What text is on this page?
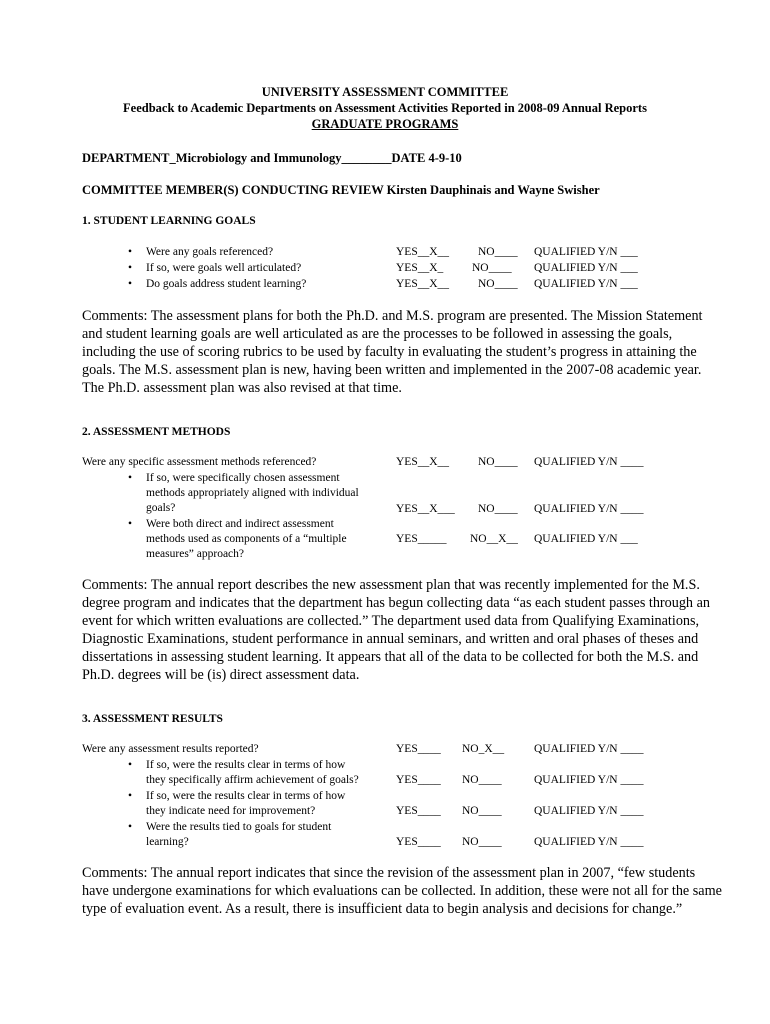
UNIVERSITY ASSESSMENT COMMITTEE
Feedback to Academic Departments on Assessment Activities Reported in 2008-09 Annual Reports
GRADUATE PROGRAMS
DEPARTMENT_Microbiology and Immunology________DATE 4-9-10
COMMITTEE MEMBER(S) CONDUCTING REVIEW Kirsten Dauphinais and Wayne Swisher
1. STUDENT LEARNING GOALS
• Were any goals referenced?	YES__X__	NO____ QUALIFIED Y/N ___
• If so, were goals well articulated?	YES__X_ NO____ QUALIFIED Y/N ___
• Do goals address student learning?	YES__X__	NO____ QUALIFIED Y/N ___
Comments: The assessment plans for both the Ph.D. and M.S. program are presented. The Mission Statement and student learning goals are well articulated as are the processes to be followed in assessing the goals, including the use of scoring rubrics to be used by faculty in evaluating the student’s progress in attaining the goals. The M.S. assessment plan is new, having been written and implemented in the 2007-08 academic year. The Ph.D. assessment plan was also revised at that time.
2. ASSESSMENT METHODS
Were any specific assessment methods referenced?	YES__X__	NO____ QUALIFIED Y/N ____
• If so, were specifically chosen assessment
methods appropriately aligned with individual
goals?	YES__X___ NO____ QUALIFIED Y/N ____
• Were both direct and indirect assessment
methods used as components of a “multiple
measures” approach?
YES_____ NO__X__ QUALIFIED Y/N ___
Comments: The annual report describes the new assessment plan that was recently implemented for the M.S. degree program and indicates that the department has begun collecting data “as each student passes through an event for which written evaluations are collected.” The department used data from Qualifying Examinations, Diagnostic Examinations, student performance in annual seminars, and written and oral phases of theses and dissertations in assessing student learning. It appears that all of the data to be collected for both the M.S. and Ph.D. degrees will be (is) direct assessment data.
3. ASSESSMENT RESULTS
Were any assessment results reported?	YES____ NO_X__	QUALIFIED Y/N ____
• If so, were the results clear in terms of how
they specifically affirm achievement of goals?	YES____ NO____	QUALIFIED Y/N ____
• If so, were the results clear in terms of how
they indicate need for improvement?	YES____ NO____	QUALIFIED Y/N ____
• Were the results tied to goals for student
learning?	YES____ NO____	QUALIFIED Y/N ____
Comments: The annual report indicates that since the revision of the assessment plan in 2007, “few students have undergone examinations for which evaluations can be collected. In addition, these were not all for the same type of evaluation event. As a result, there is insufficient data to begin analysis and decisions for change.”
